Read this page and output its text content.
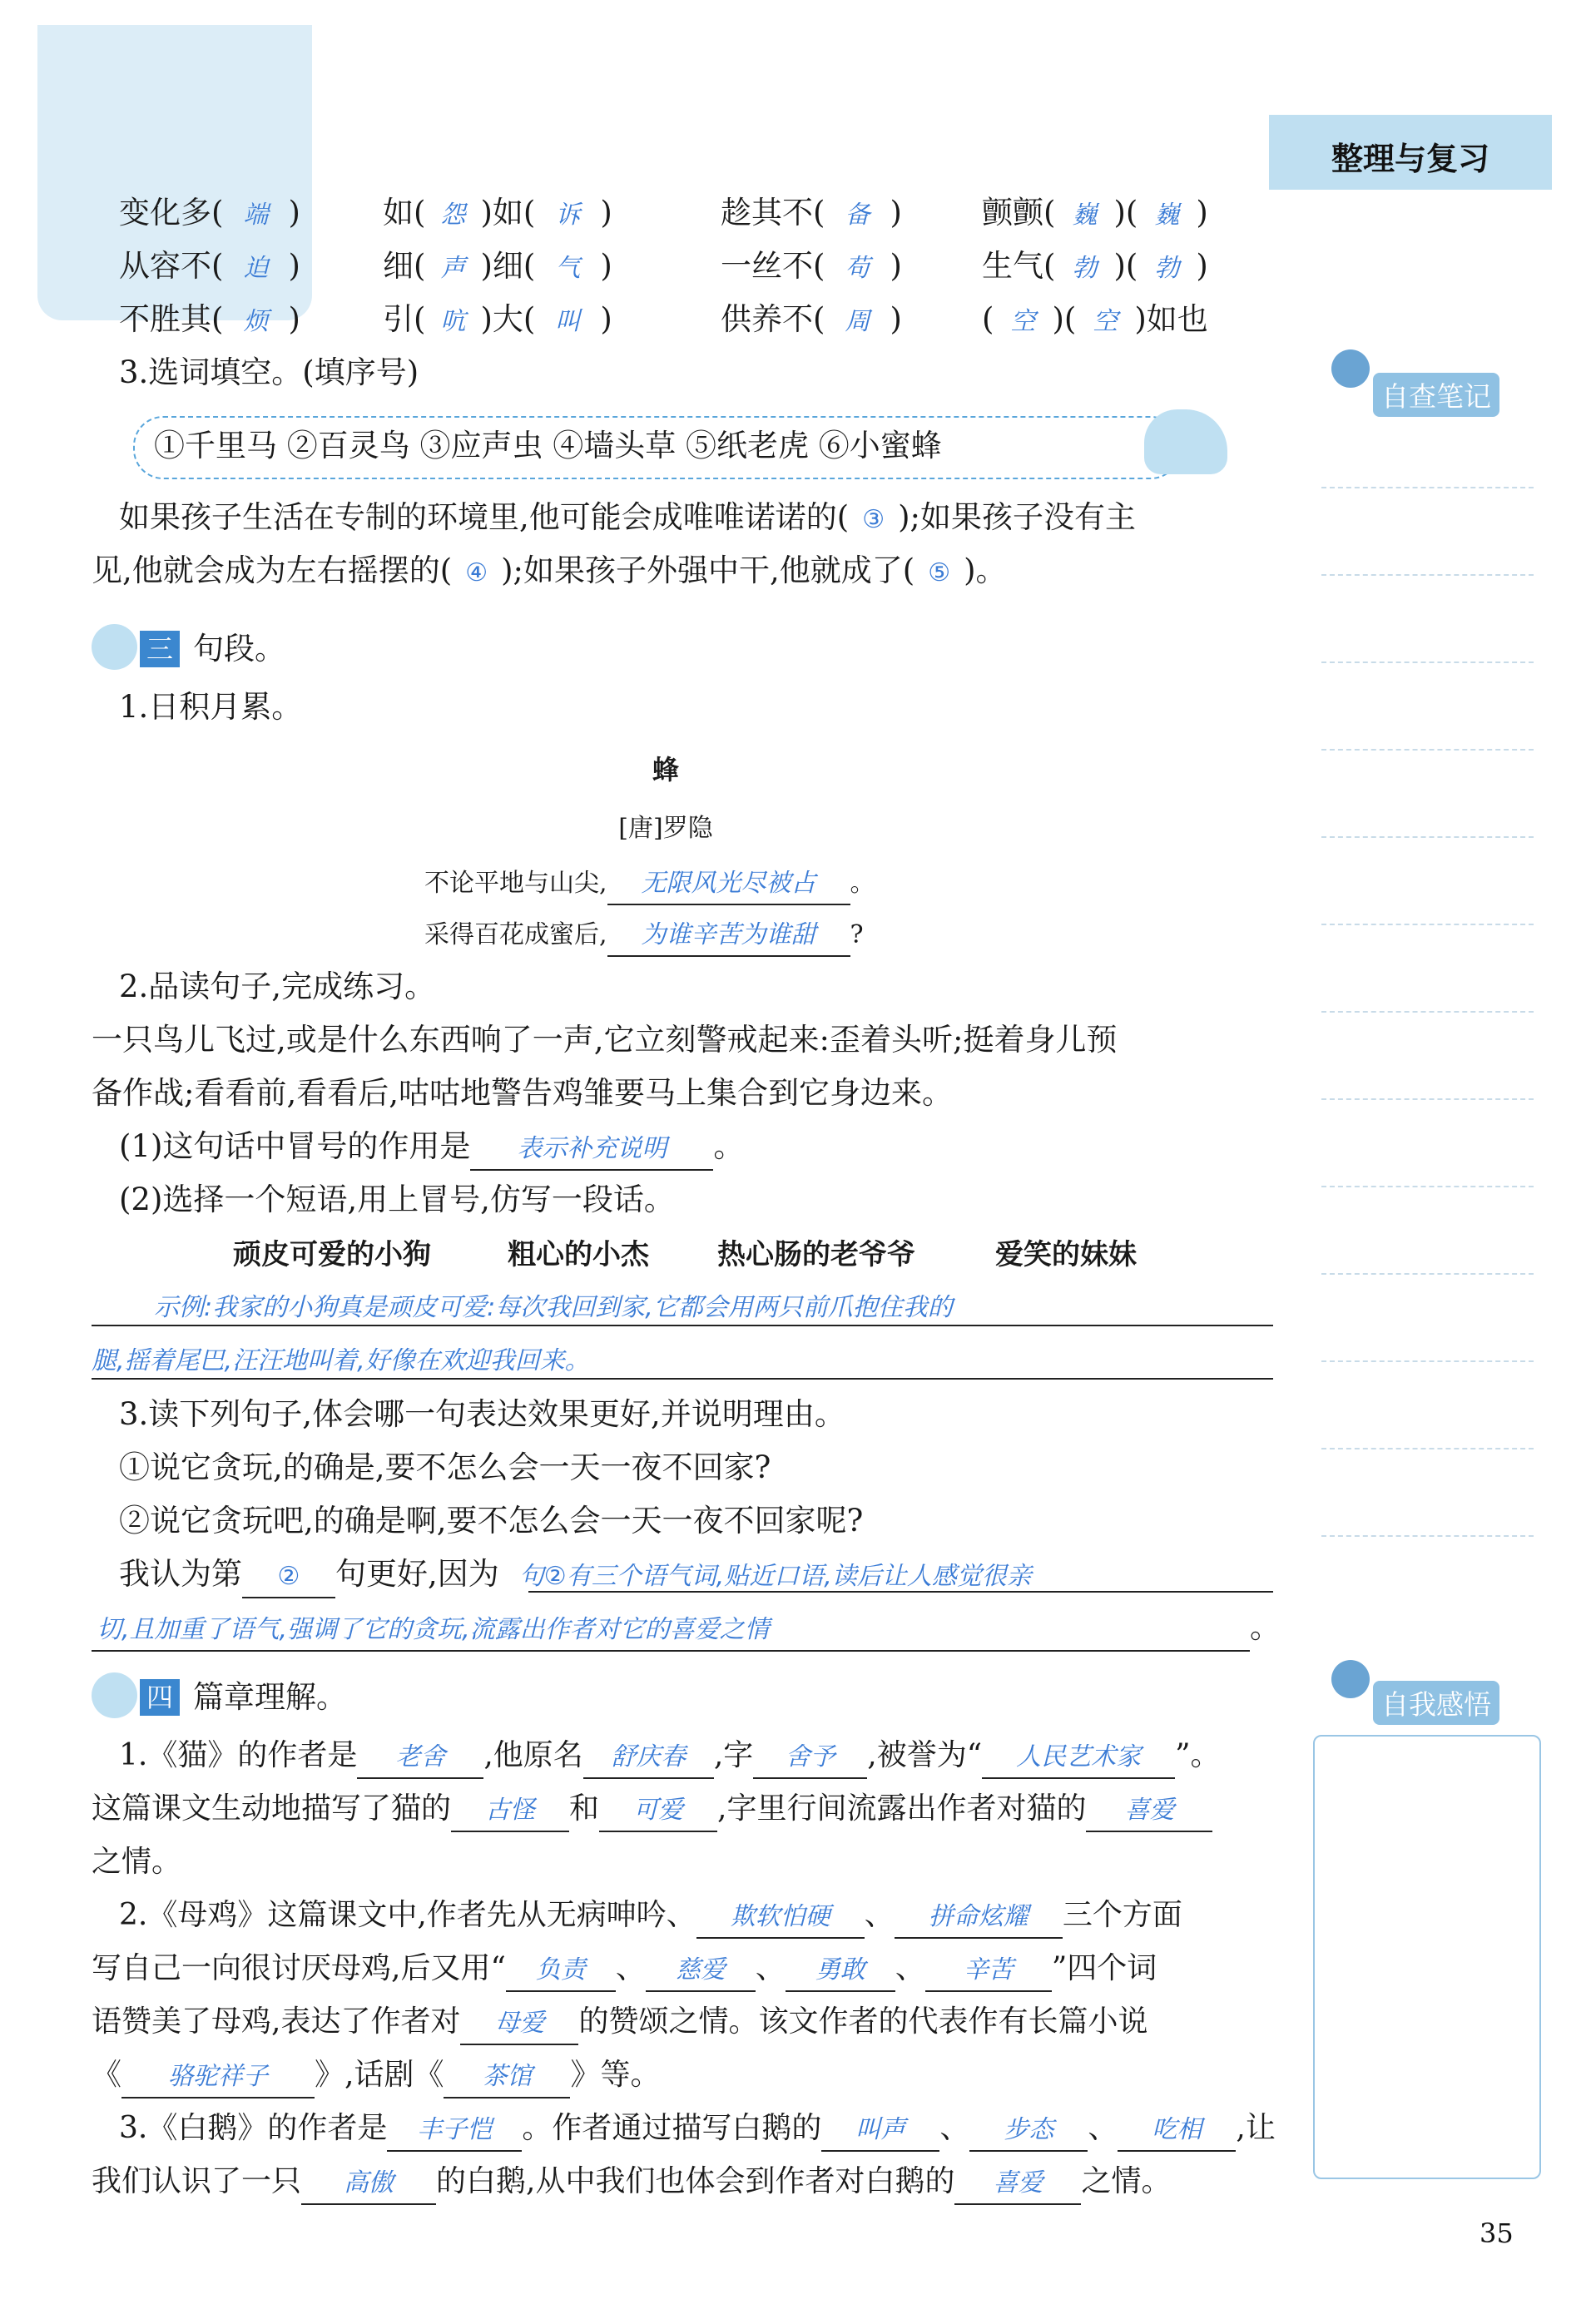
整理与复习
自查笔记
自我感悟
35
变化多( 端 )	如( 怨 )如( 诉 )	趁其不( 备 )	颤颤( 巍 )( 巍 )
从容不( 迫 )	细( 声 )细( 气 )	一丝不( 苟 )	生气( 勃 )( 勃 )
不胜其( 烦 )	引( 吭 )大( 叫 )	供养不( 周 )	( 空 )( 空 )如也
3.选词填空。(填序号)
①千里马 ②百灵鸟 ③应声虫 ④墙头草 ⑤纸老虎 ⑥小蜜蜂
如果孩子生活在专制的环境里,他可能会成唯唯诺诺的( ③ );如果孩子没有主
见,他就会成为左右摇摆的( ④ );如果孩子外强中干,他就成了( ⑤ )。
三 句段。
1.日积月累。
蜂
[唐]罗隐
不论平地与山尖, 无限风光尽被占 。
采得百花成蜜后, 为谁辛苦为谁甜 ?
2.品读句子,完成练习。
一只鸟儿飞过,或是什么东西响了一声,它立刻警戒起来:歪着头听;挺着身儿预
备作战;看看前,看看后,咕咕地警告鸡雏要马上集合到它身边来。
(1)这句话中冒号的作用是 表示补充说明 。
(2)选择一个短语,用上冒号,仿写一段话。
顽皮可爱的小狗	粗心的小杰 热心肠的老爷爷	爱笑的妹妹
示例:我家的小狗真是顽皮可爱:每次我回到家,它都会用两只前爪抱住我的
腿,摇着尾巴,汪汪地叫着,好像在欢迎我回来。
3.读下列句子,体会哪一句表达效果更好,并说明理由。
①说它贪玩,的确是,要不怎么会一天一夜不回家?
②说它贪玩吧,的确是啊,要不怎么会一天一夜不回家呢?
我认为第 ② 句更好,因为 句②有三个语气词,贴近口语,读后让人感觉很亲
切,且加重了语气,强调了它的贪玩,流露出作者对它的喜爱之情	。
四 篇章理解。
1.《猫》的作者是 老舍 ,他原名 舒庆春 ,字 舍予 ,被誉为“ 人民艺术家 ”。
这篇课文生动地描写了猫的 古怪 和 可爱 ,字里行间流露出作者对猫的 喜爱
之情。
2.《母鸡》这篇课文中,作者先从无病呻吟、 欺软怕硬 、 拼命炫耀 三个方面
写自己一向很讨厌母鸡,后又用“ 负责 、 慈爱 、 勇敢 、 辛苦 ”四个词
语赞美了母鸡,表达了作者对 母爱 的赞颂之情。该文作者的代表作有长篇小说
《 骆驼祥子 》,话剧《 茶馆 》等。
3.《白鹅》的作者是 丰子恺 。作者通过描写白鹅的 叫声 、 步态 、 吃相 ,让
我们认识了一只 高傲 的白鹅,从中我们也体会到作者对白鹅的 喜爱 之情。
